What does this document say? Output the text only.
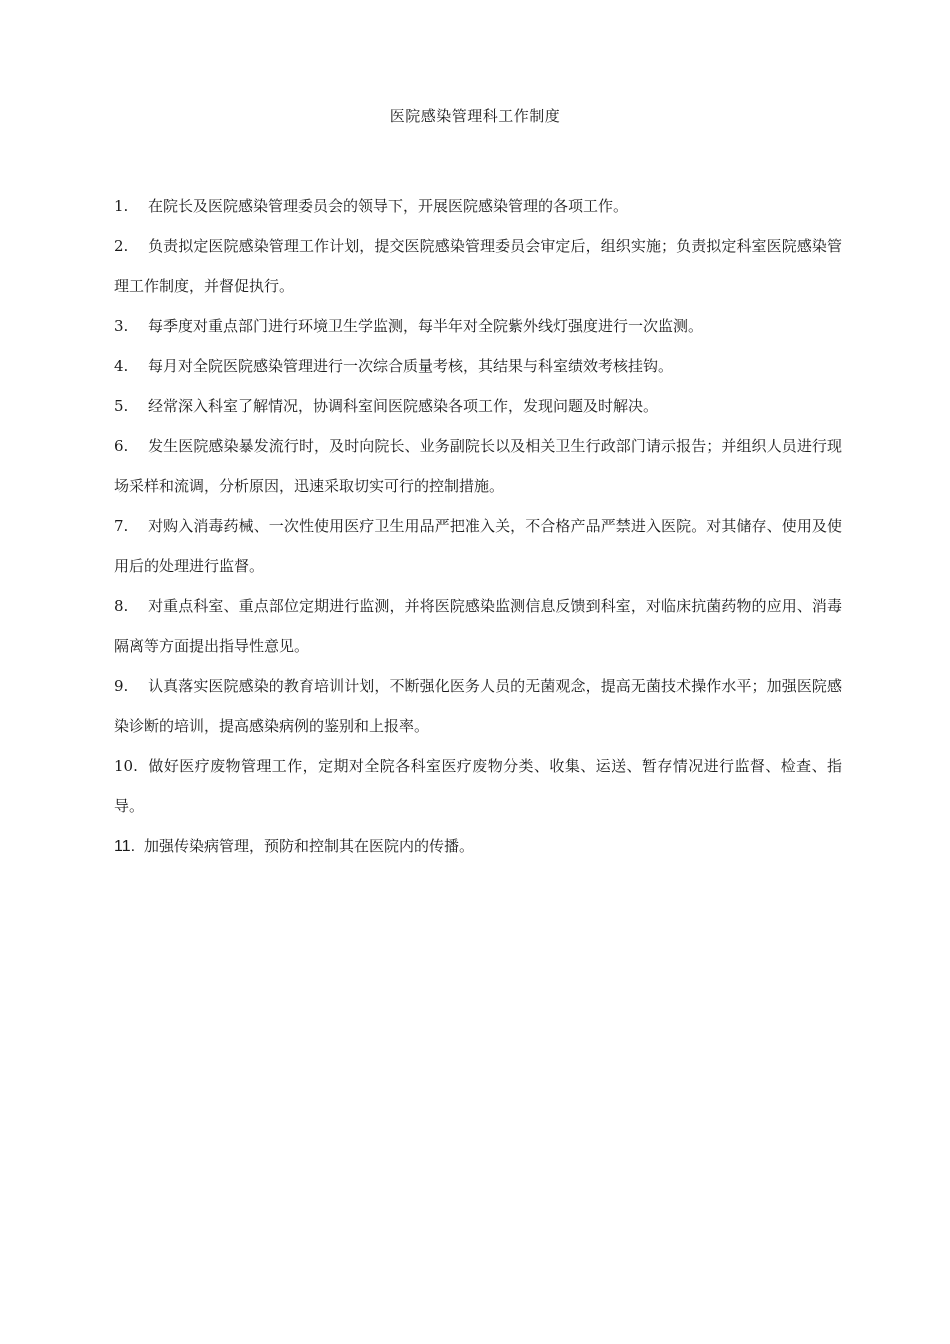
医院感染管理科工作制度
1. 在院长及医院感染管理委员会的领导下，开展医院感染管理的各项工作。
2. 负责拟定医院感染管理工作计划，提交医院感染管理委员会审定后，组织实施；负责拟定科室医院感染管理工作制度，并督促执行。
3. 每季度对重点部门进行环境卫生学监测，每半年对全院紫外线灯强度进行一次监测。
4. 每月对全院医院感染管理进行一次综合质量考核，其结果与科室绩效考核挂钩。
5. 经常深入科室了解情况，协调科室间医院感染各项工作，发现问题及时解决。
6. 发生医院感染暴发流行时，及时向院长、业务副院长以及相关卫生行政部门请示报告；并组织人员进行现场采样和流调，分析原因，迅速采取切实可行的控制措施。
7. 对购入消毒药械、一次性使用医疗卫生用品严把准入关，不合格产品严禁进入医院。对其储存、使用及使用后的处理进行监督。
8. 对重点科室、重点部位定期进行监测，并将医院感染监测信息反馈到科室，对临床抗菌药物的应用、消毒隔离等方面提出指导性意见。
9. 认真落实医院感染的教育培训计划，不断强化医务人员的无菌观念，提高无菌技术操作水平；加强医院感染诊断的培训，提高感染病例的鉴别和上报率。
10. 做好医疗废物管理工作，定期对全院各科室医疗废物分类、收集、运送、暂存情况进行监督、检查、指导。
11. 加强传染病管理，预防和控制其在医院内的传播。
